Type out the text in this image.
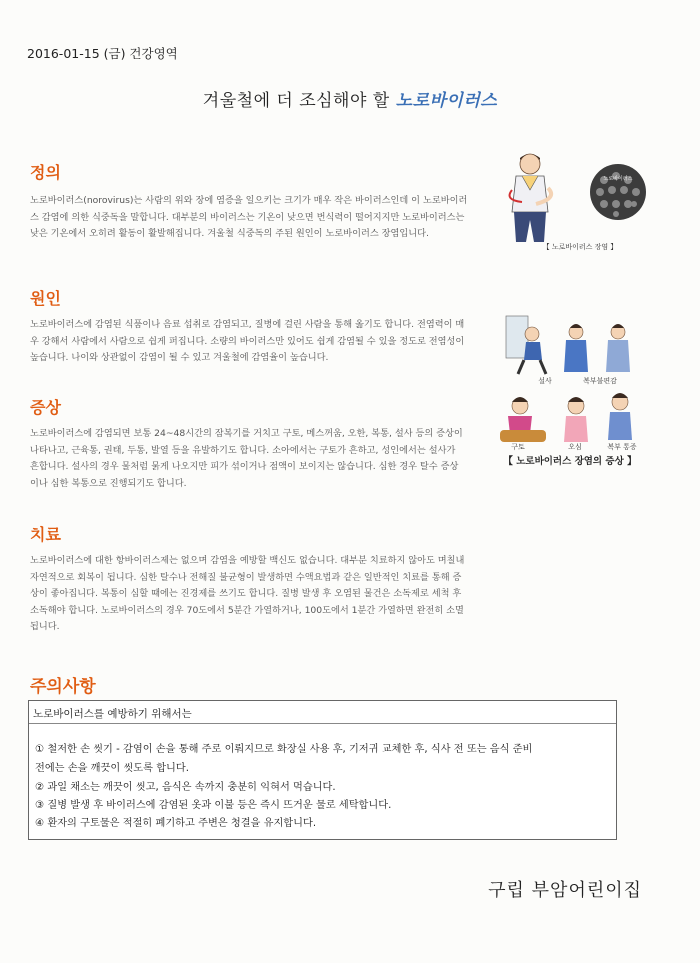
2016-01-15 (금) 건강영역
겨울철에 더 조심해야 할 노로바이러스
정의
노로바이러스(norovirus)는 사람의 위와 장에 염증을 일으키는 크기가 매우 작은 바이러스인데 이 노로바이러
스 감염에 의한 식중독을 말합니다. 대부분의 바이러스는 기온이 낮으면 번식력이 떨어지지만 노로바이러스는
낮은 기온에서 오히려 활동이 활발해집니다. 겨울철 식중독의 주된 원인이 노로바이러스 장염입니다.
노로바이러스
【 노로바이러스 장염 】
원인
노로바이러스에 감염된 식품이나 음료 섭취로 감염되고, 질병에 걸린 사람을 통해 옮기도 합니다. 전염력이 매
우 강해서 사람에서 사람으로 쉽게 퍼집니다. 소량의 바이러스만 있어도 쉽게 감염될 수 있을 정도로 전염성이
높습니다. 나이와 상관없이 감염이 될 수 있고 겨울철에 감염율이 높습니다.
설사	복부불편감
증상
노로바이러스에 감염되면 보통 24~48시간의 잠복기를 거치고 구토, 메스꺼움, 오한, 복통, 설사 등의 증상이
나타나고, 근육통, 권태, 두통, 발열 등을 유발하기도 합니다. 소아에서는 구토가 흔하고, 성인에서는 설사가
흔합니다. 설사의 경우 물처럼 묽게 나오지만 피가 섞이거나 점액이 보이지는 않습니다. 심한 경우 탈수 증상
이나 심한 복통으로 진행되기도 합니다.
구토	오심	복부 통증
【 노로바이러스 장염의 증상 】
치료
노로바이러스에 대한 항바이러스제는 없으며 감염을 예방할 백신도 없습니다. 대부분 치료하지 않아도 며칠내
자연적으로 회복이 됩니다. 심한 탈수나 전해질 불균형이 발생하면 수액요법과 같은 일반적인 치료를 통해 증
상이 좋아집니다. 복통이 심할 때에는 진경제를 쓰기도 합니다. 질병 발생 후 오염된 물건은 소독제로 세척 후
소독해야 합니다. 노로바이러스의 경우 70도에서 5분간 가열하거나, 100도에서 1분간 가열하면 완전히 소멸
됩니다.
주의사항
노로바이러스를 예방하기 위해서는
① 철저한 손 씻기 - 감염이 손을 통해 주로 이뤄지므로 화장실 사용 후, 기저귀 교체한 후, 식사 전 또는 음식 준비
전에는 손을 깨끗이 씻도록 합니다.
② 과일 채소는 깨끗이 씻고, 음식은 속까지 충분히 익혀서 먹습니다.
③ 질병 발생 후 바이러스에 감염된 옷과 이불 등은 즉시 뜨거운 물로 세탁합니다.
④ 환자의 구토물은 적절히 폐기하고 주변은 청결을 유지합니다.
구립 부암어린이집
